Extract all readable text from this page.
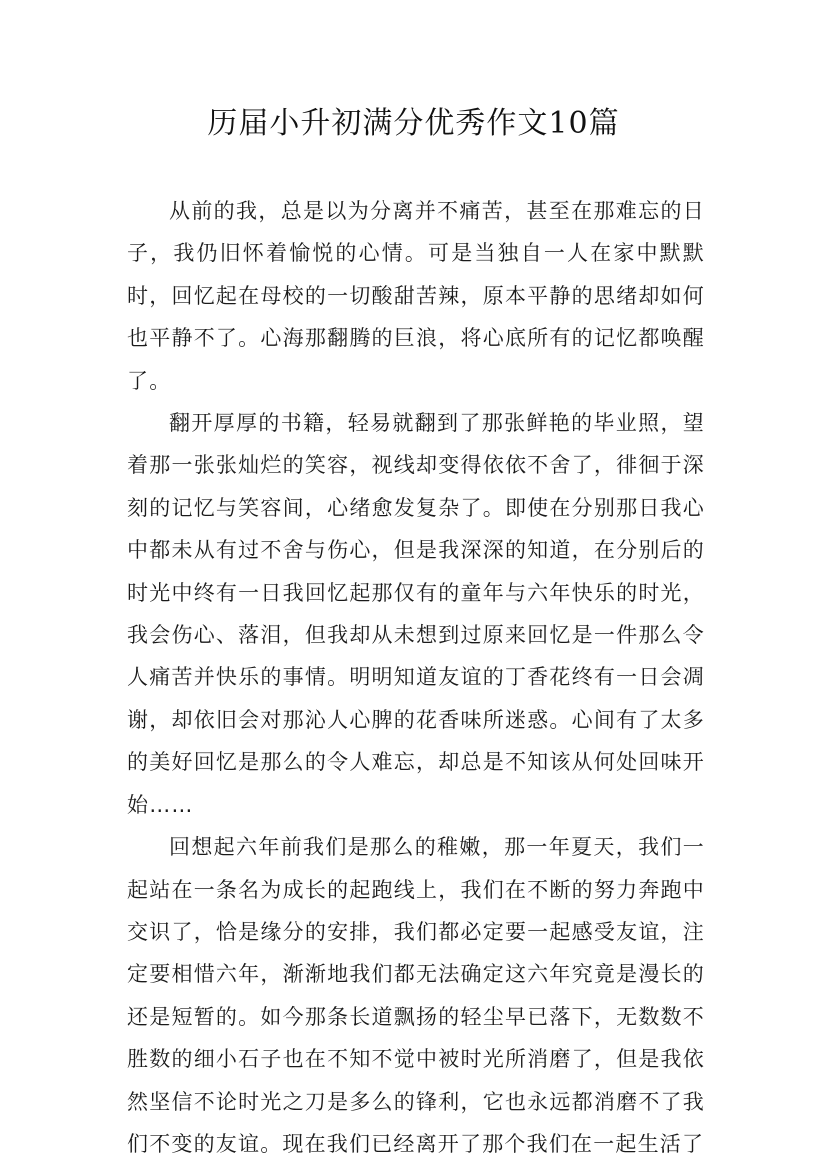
历届小升初满分优秀作文10篇

从前的我，总是以为分离并不痛苦，甚至在那难忘的日子，我仍旧怀着愉悦的心情。可是当独自一人在家中默默时，回忆起在母校的一切酸甜苦辣，原本平静的思绪却如何也平静不了。心海那翻腾的巨浪，将心底所有的记忆都唤醒了。

翻开厚厚的书籍，轻易就翻到了那张鲜艳的毕业照，望着那一张张灿烂的笑容，视线却变得依依不舍了，徘徊于深刻的记忆与笑容间，心绪愈发复杂了。即使在分别那日我心中都未从有过不舍与伤心，但是我深深的知道，在分别后的时光中终有一日我回忆起那仅有的童年与六年快乐的时光，我会伤心、落泪，但我却从未想到过原来回忆是一件那么令人痛苦并快乐的事情。明明知道友谊的丁香花终有一日会凋谢，却依旧会对那沁人心脾的花香味所迷惑。心间有了太多的美好回忆是那么的令人难忘，却总是不知该从何处回味开始……

回想起六年前我们是那么的稚嫩，那一年夏天，我们一起站在一条名为成长的起跑线上，我们在不断的努力奔跑中交识了，恰是缘分的安排，我们都必定要一起感受友谊，注定要相惜六年，渐渐地我们都无法确定这六年究竟是漫长的还是短暂的。如今那条长道飘扬的轻尘早已落下，无数数不胜数的细小石子也在不知不觉中被时光所消磨了，但是我依然坚信不论时光之刀是多么的锋利，它也永远都消磨不了我们不变的友谊。现在我们已经离开了那个我们在一起生活了
